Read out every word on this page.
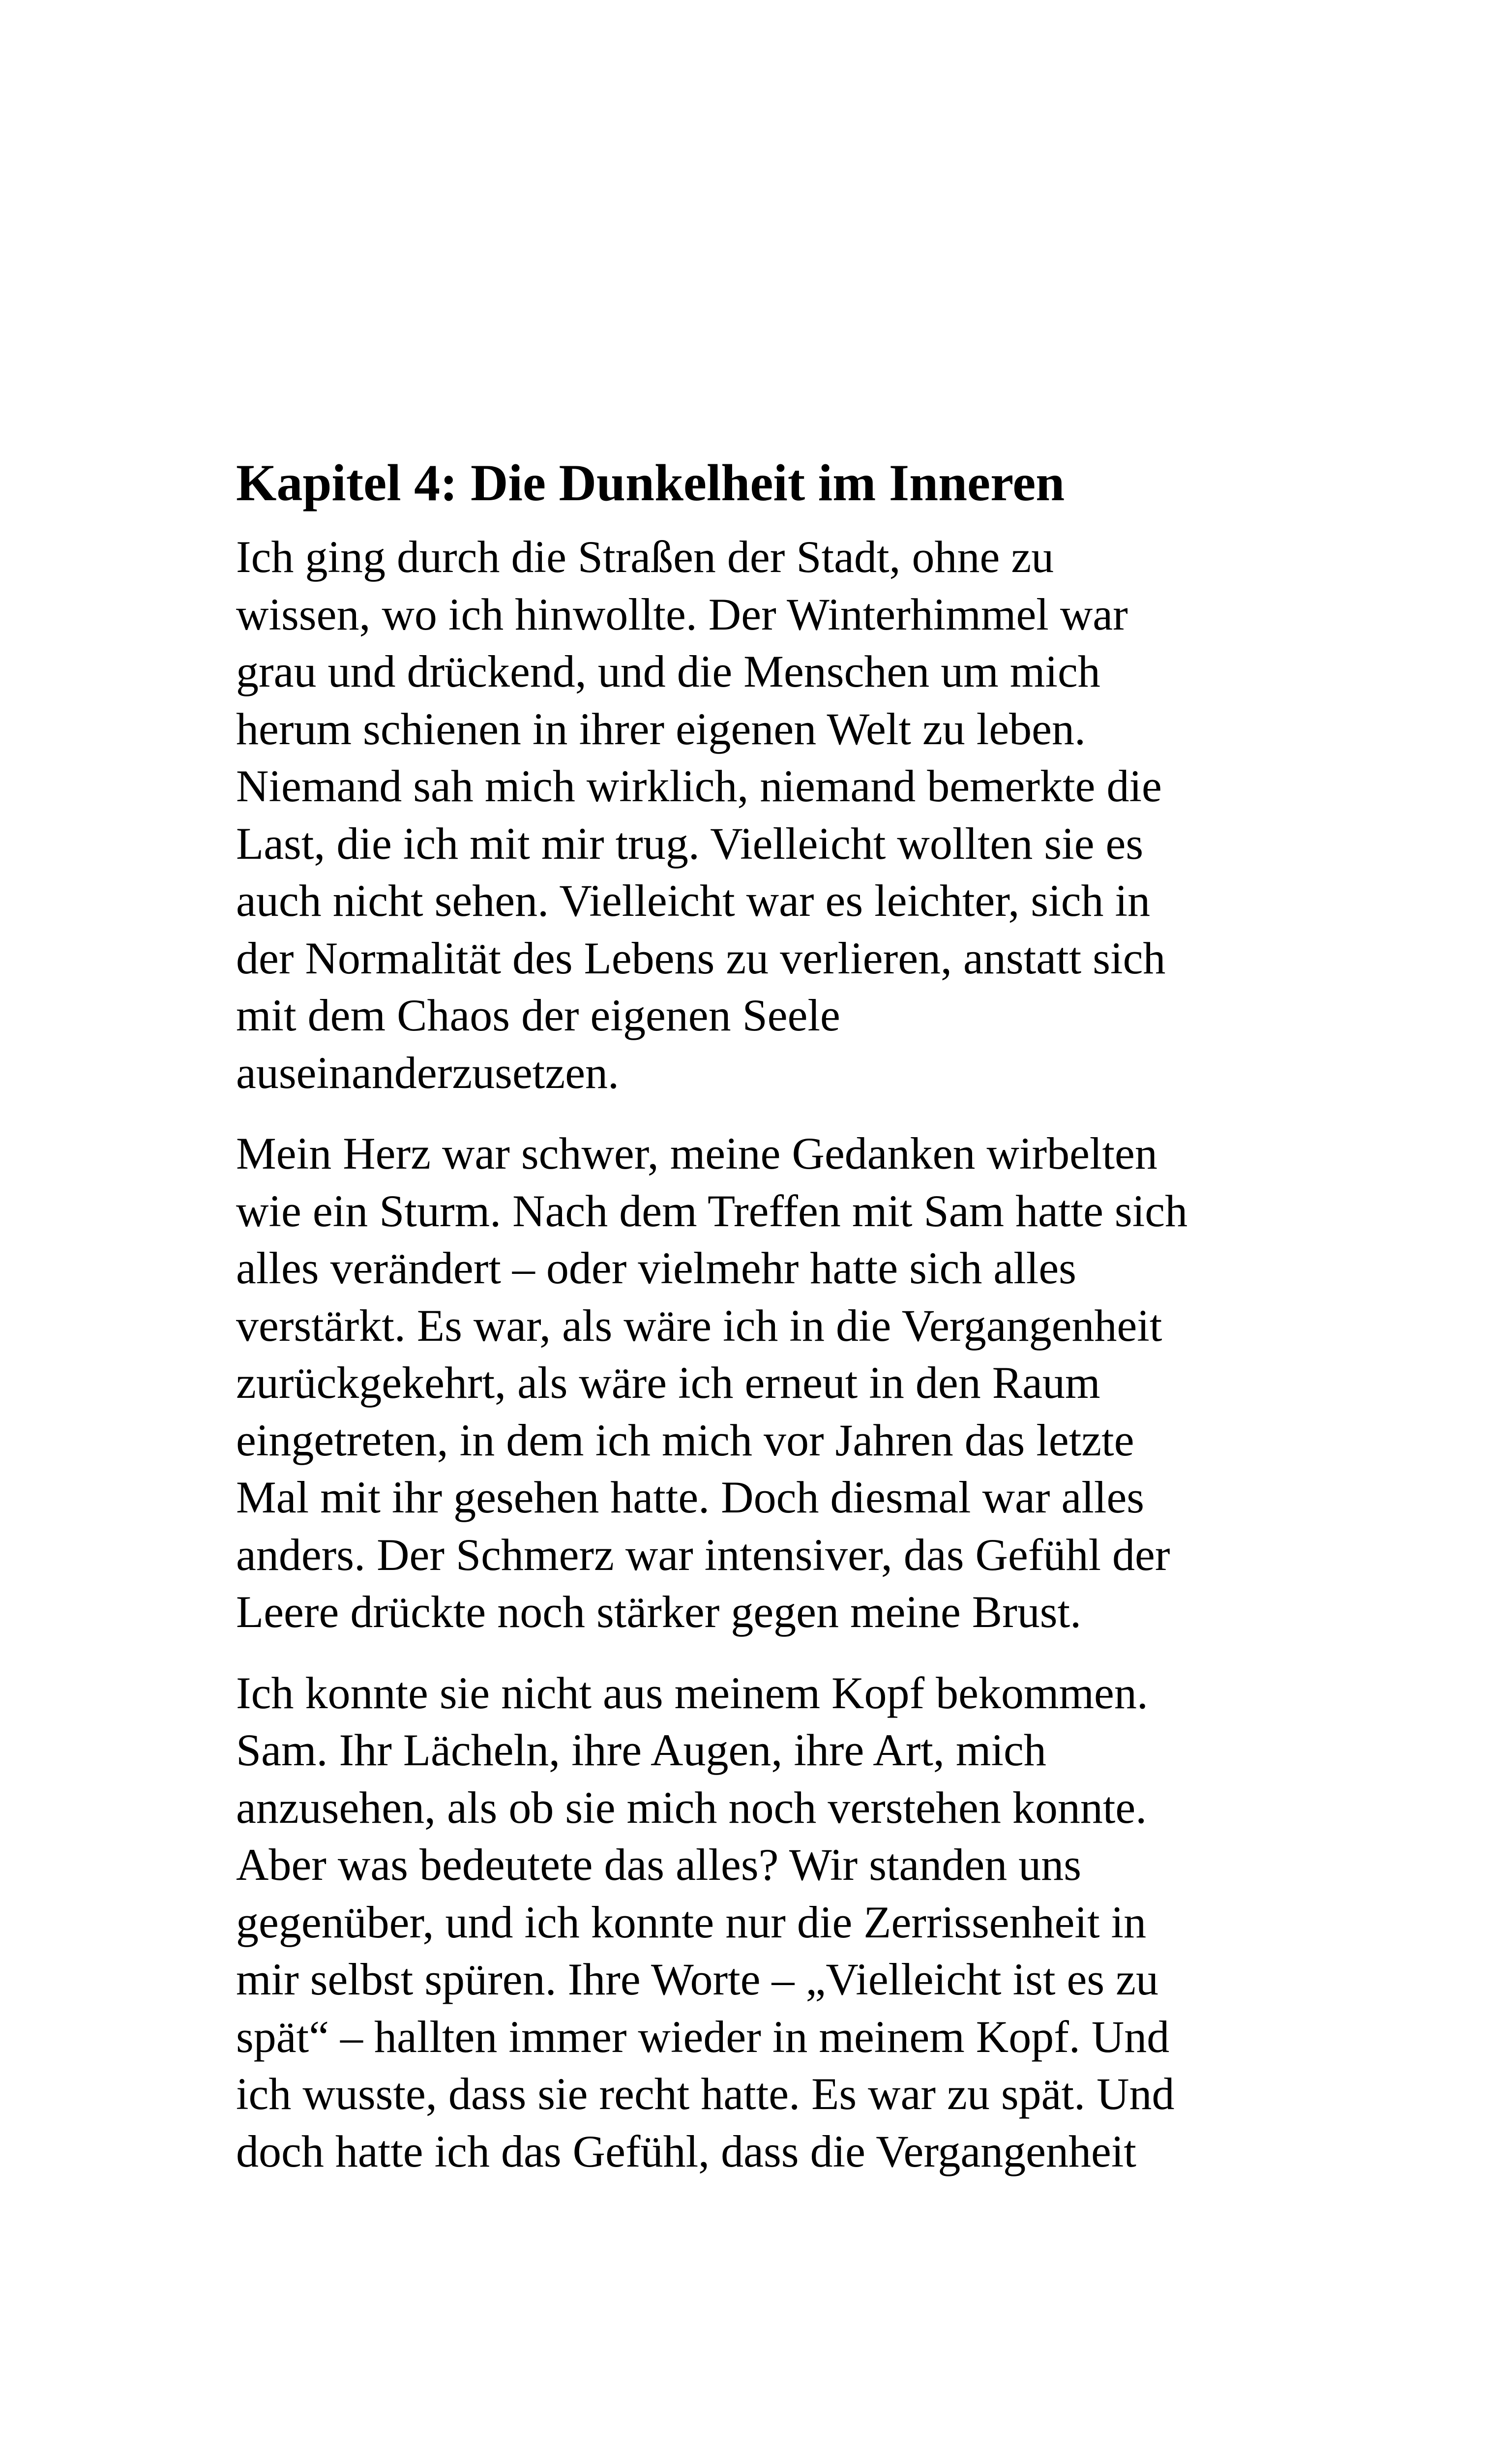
Kapitel 4: Die Dunkelheit im Inneren

Ich ging durch die Straßen der Stadt, ohne zu
wissen, wo ich hinwollte. Der Winterhimmel war
grau und drückend, und die Menschen um mich
herum schienen in ihrer eigenen Welt zu leben.
Niemand sah mich wirklich, niemand bemerkte die
Last, die ich mit mir trug. Vielleicht wollten sie es
auch nicht sehen. Vielleicht war es leichter, sich in
der Normalität des Lebens zu verlieren, anstatt sich
mit dem Chaos der eigenen Seele
auseinanderzusetzen.

Mein Herz war schwer, meine Gedanken wirbelten
wie ein Sturm. Nach dem Treffen mit Sam hatte sich
alles verändert – oder vielmehr hatte sich alles
verstärkt. Es war, als wäre ich in die Vergangenheit
zurückgekehrt, als wäre ich erneut in den Raum
eingetreten, in dem ich mich vor Jahren das letzte
Mal mit ihr gesehen hatte. Doch diesmal war alles
anders. Der Schmerz war intensiver, das Gefühl der
Leere drückte noch stärker gegen meine Brust.

Ich konnte sie nicht aus meinem Kopf bekommen.
Sam. Ihr Lächeln, ihre Augen, ihre Art, mich
anzusehen, als ob sie mich noch verstehen konnte.
Aber was bedeutete das alles? Wir standen uns
gegenüber, und ich konnte nur die Zerrissenheit in
mir selbst spüren. Ihre Worte – „Vielleicht ist es zu
spät“ – hallten immer wieder in meinem Kopf. Und
ich wusste, dass sie recht hatte. Es war zu spät. Und
doch hatte ich das Gefühl, dass die Vergangenheit
